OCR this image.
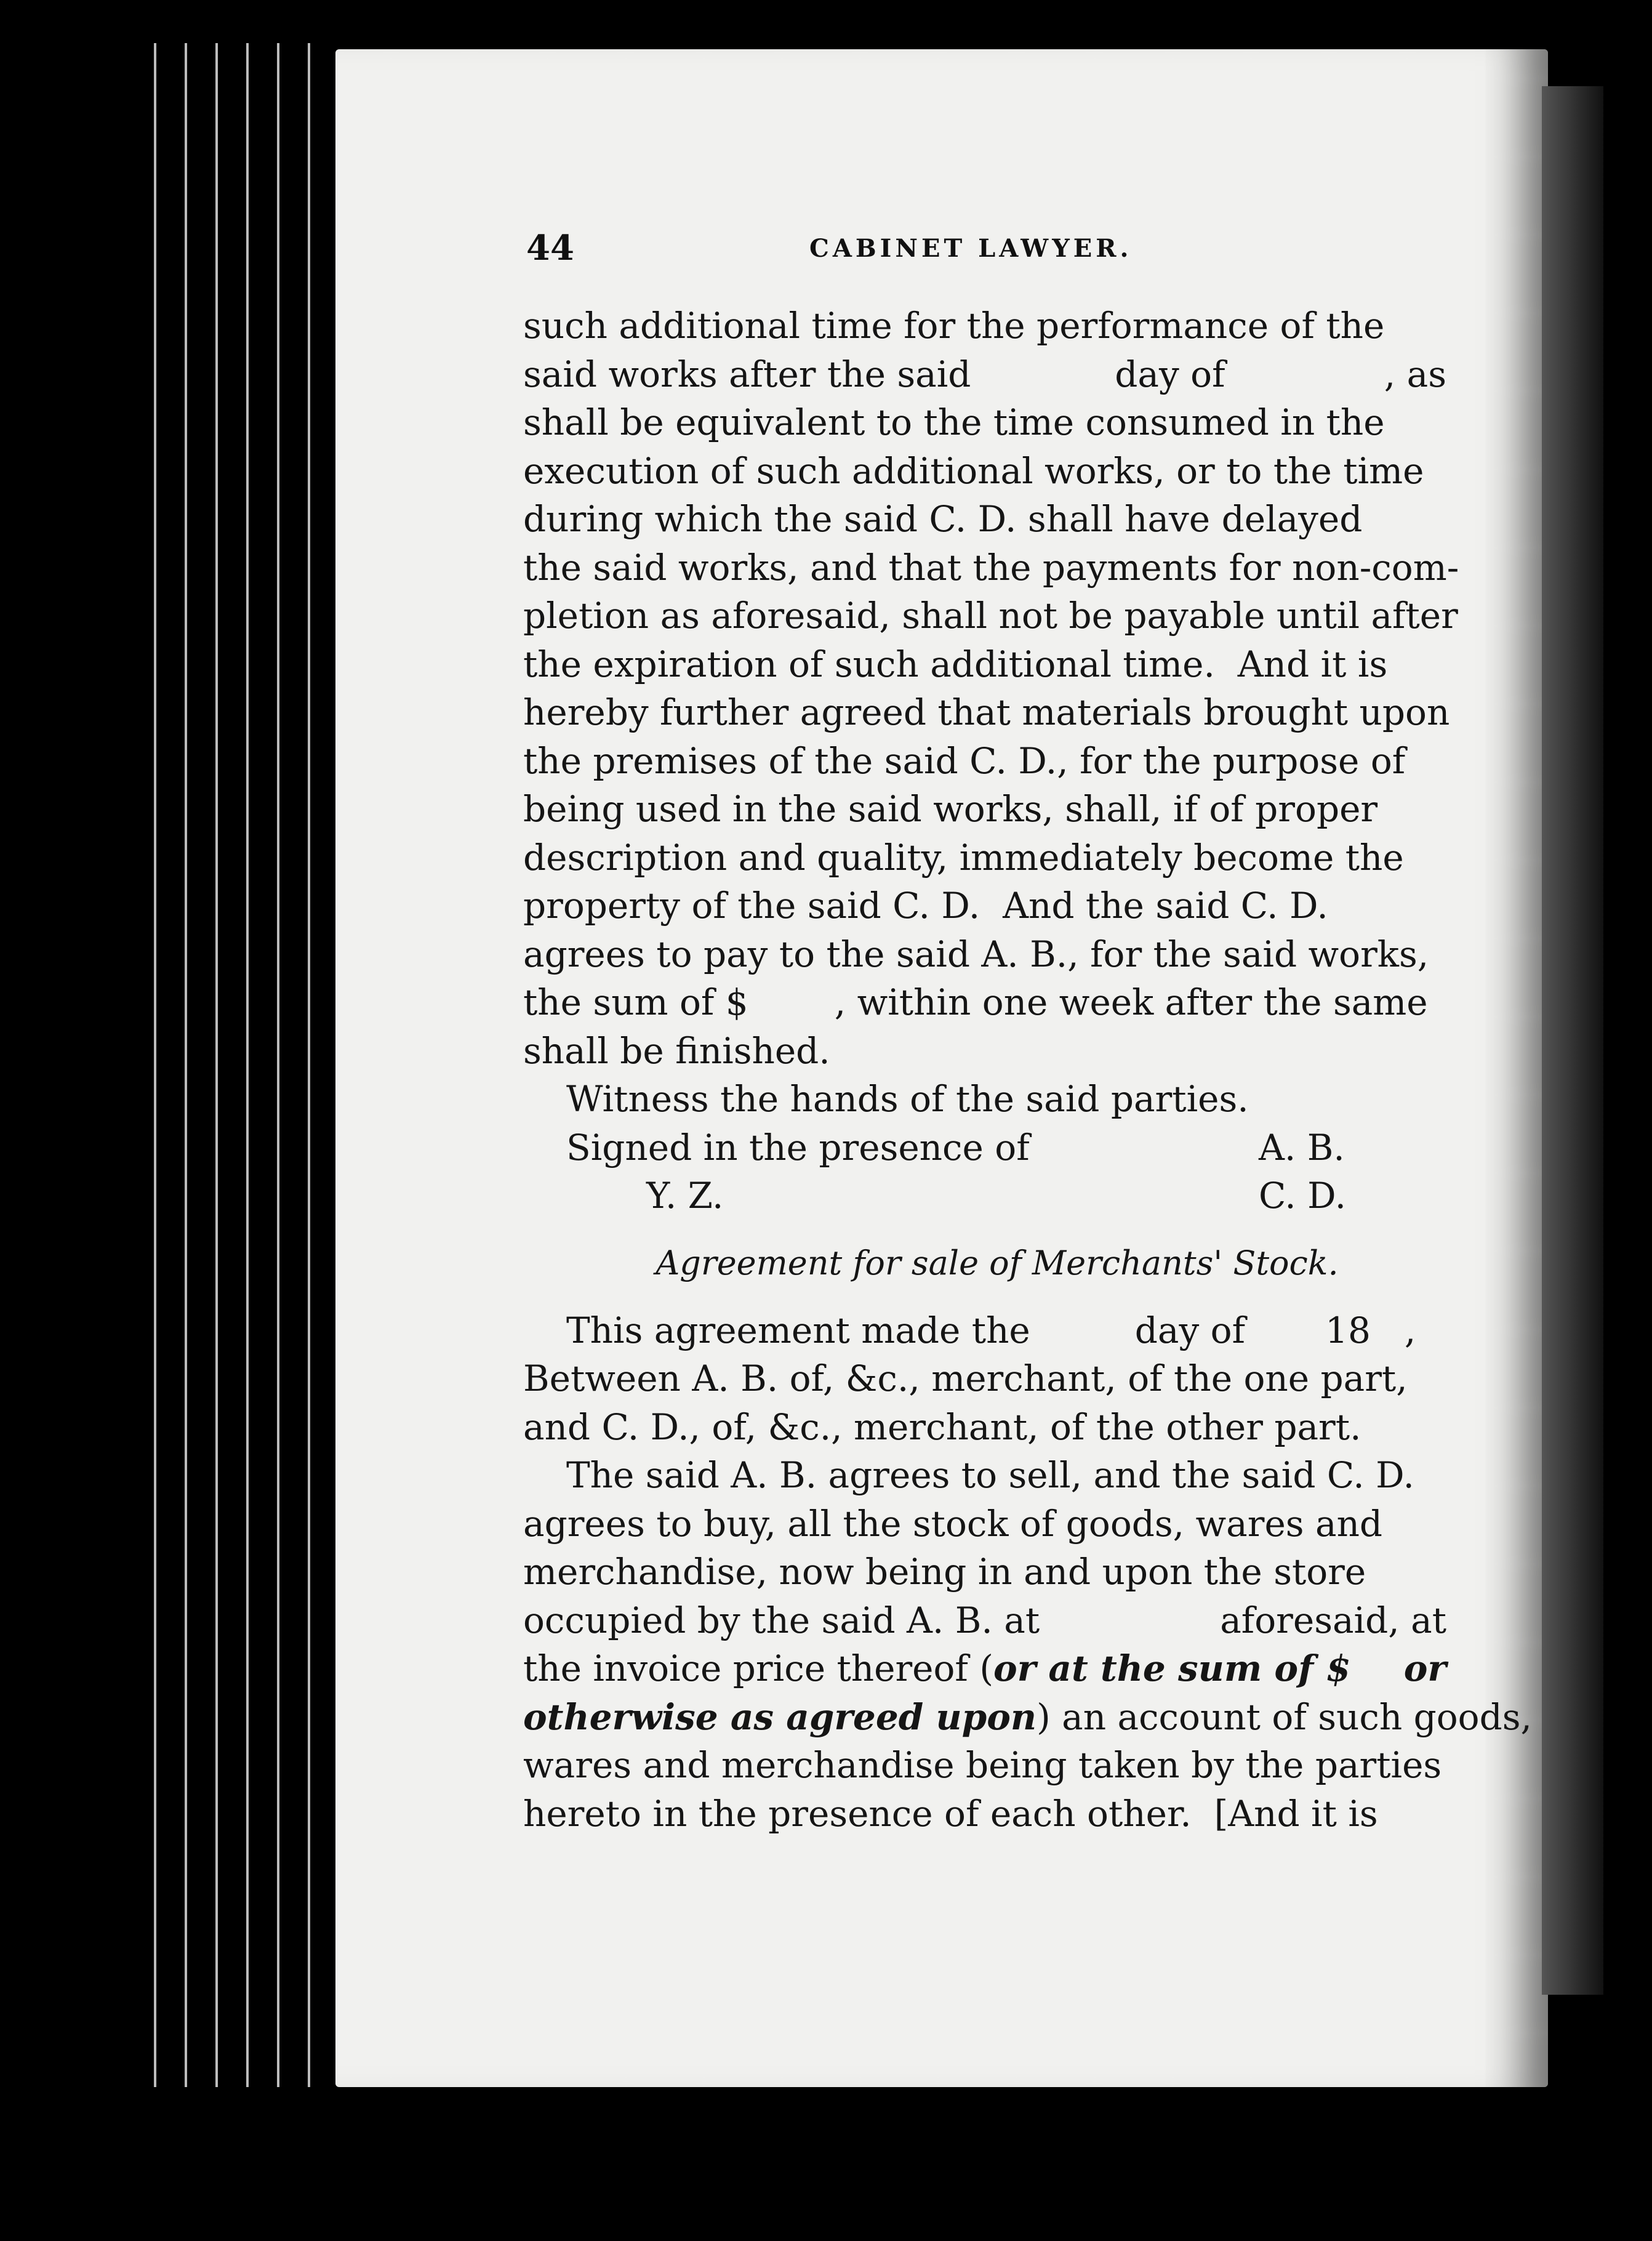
44	CABINET LAWYER.
such additional time for the performance of the
said works after the said	day of	, as
shall be equivalent to the time consumed in the
execution of such additional works, or to the time
during which the said C. D. shall have delayed
the said works, and that the payments for non-com-
pletion as aforesaid, shall not be payable until after
the expiration of such additional time.  And it is
hereby further agreed that materials brought upon
the premises of the said C. D., for the purpose of
being used in the said works, shall, if of proper
description and quality, immediately become the
property of the said C. D.  And the said C. D.
agrees to pay to the said A. B., for the said works,
the sum of $ , within one week after the same
shall be finished.
Witness the hands of the said parties.
Signed in the presence of	A. B.
Y. Z.	C. D.
Agreement for sale of Merchants' Stock.
This agreement made the	day of 18 ,
Between A. B. of, &c., merchant, of the one part,
and C. D., of, &c., merchant, of the other part.
The said A. B. agrees to sell, and the said C. D.
agrees to buy, all the stock of goods, wares and
merchandise, now being in and upon the store
occupied by the said A. B. at	aforesaid, at
the invoice price thereof ( or at the sum of $ or
otherwise as agreed upon ) an account of such goods,
wares and merchandise being taken by the parties
hereto in the presence of each other.  [And it is
